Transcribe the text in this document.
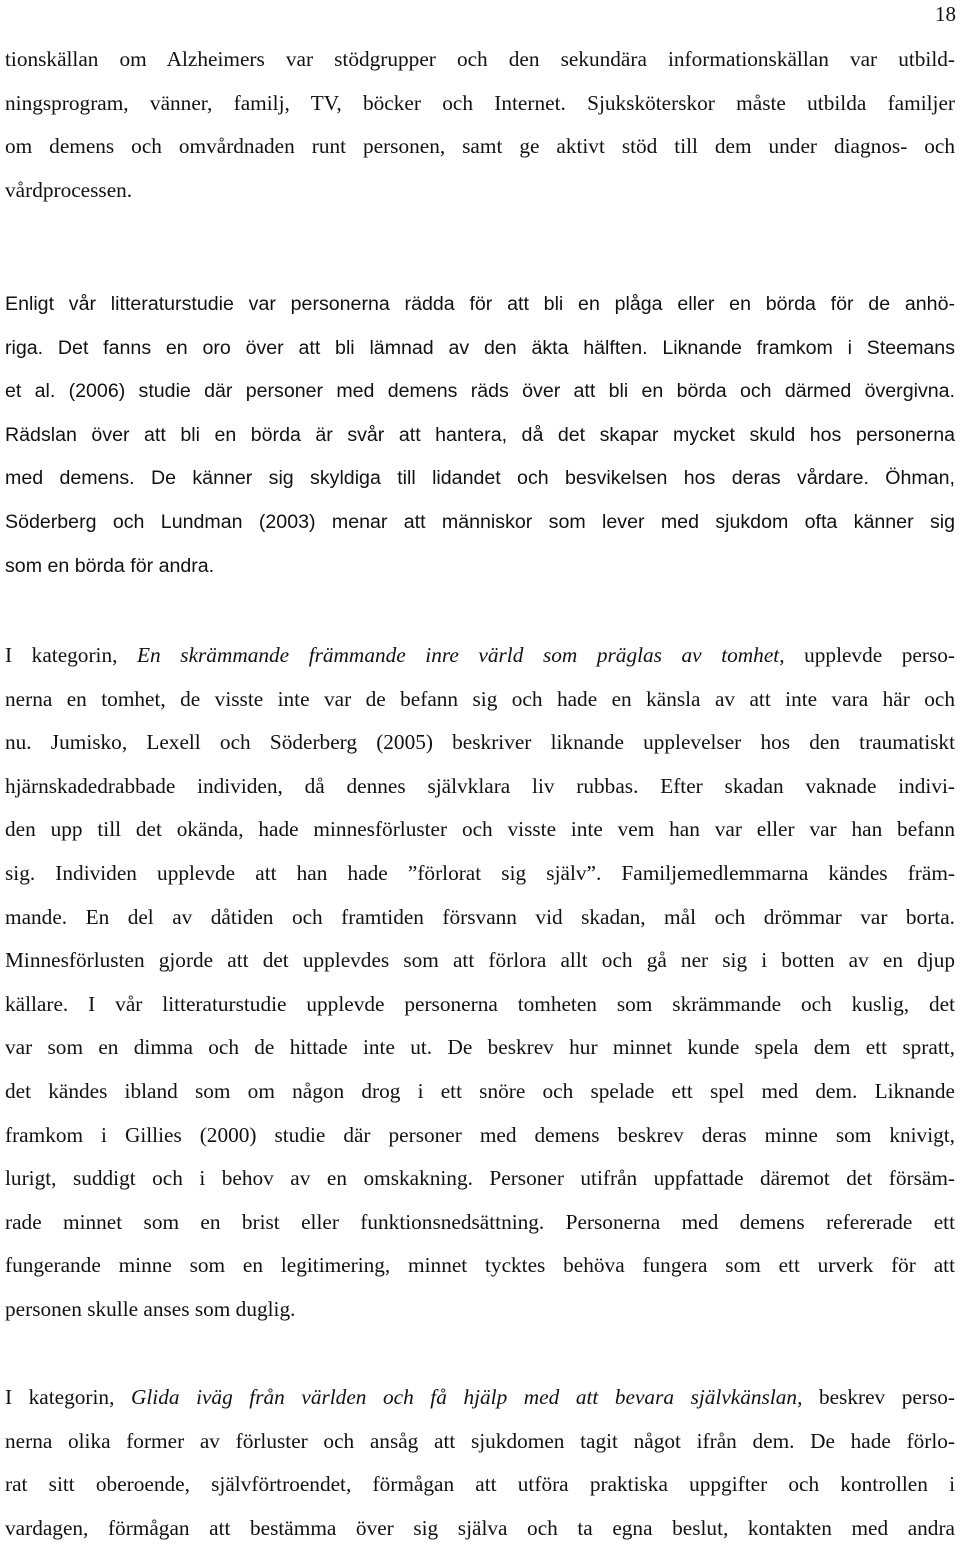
18
tionskällan om Alzheimers var stödgrupper och den sekundära informationskällan var utbild-
ningsprogram, vänner, familj, TV, böcker och Internet. Sjuksköterskor måste utbilda familjer
om demens och omvårdnaden runt personen, samt ge aktivt stöd till dem under diagnos- och
vårdprocessen.
Enligt vår litteraturstudie var personerna rädda för att bli en plåga eller en börda för de anhö-
riga. Det fanns en oro över att bli lämnad av den äkta hälften. Liknande framkom i Steemans
et al. (2006) studie där personer med demens räds över att bli en börda och därmed övergivna.
Rädslan över att bli en börda är svår att hantera, då det skapar mycket skuld hos personerna
med demens. De känner sig skyldiga till lidandet och besvikelsen hos deras vårdare. Öhman,
Söderberg och Lundman (2003) menar att människor som lever med sjukdom ofta känner sig
som en börda för andra.
I kategorin, En skrämmande främmande inre värld som präglas av tomhet, upplevde perso-
nerna en tomhet, de visste inte var de befann sig och hade en känsla av att inte vara här och
nu. Jumisko, Lexell och Söderberg (2005) beskriver liknande upplevelser hos den traumatiskt
hjärnskadedrabbade individen, då dennes självklara liv rubbas. Efter skadan vaknade indivi-
den upp till det okända, hade minnesförluster och visste inte vem han var eller var han befann
sig. Individen upplevde att han hade ”förlorat sig själv”. Familjemedlemmarna kändes främ-
mande. En del av dåtiden och framtiden försvann vid skadan, mål och drömmar var borta.
Minnesförlusten gjorde att det upplevdes som att förlora allt och gå ner sig i botten av en djup
källare. I vår litteraturstudie upplevde personerna tomheten som skrämmande och kuslig, det
var som en dimma och de hittade inte ut. De beskrev hur minnet kunde spela dem ett spratt,
det kändes ibland som om någon drog i ett snöre och spelade ett spel med dem. Liknande
framkom i Gillies (2000) studie där personer med demens beskrev deras minne som knivigt,
lurigt, suddigt och i behov av en omskakning. Personer utifrån uppfattade däremot det försäm-
rade minnet som en brist eller funktionsnedsättning. Personerna med demens refererade ett
fungerande minne som en legitimering, minnet tycktes behöva fungera som ett urverk för att
personen skulle anses som duglig.
I kategorin, Glida iväg från världen och få hjälp med att bevara självkänslan, beskrev perso-
nerna olika former av förluster och ansåg att sjukdomen tagit något ifrån dem. De hade förlo-
rat sitt oberoende, självförtroendet, förmågan att utföra praktiska uppgifter och kontrollen i
vardagen, förmågan att bestämma över sig själva och ta egna beslut, kontakten med andra
